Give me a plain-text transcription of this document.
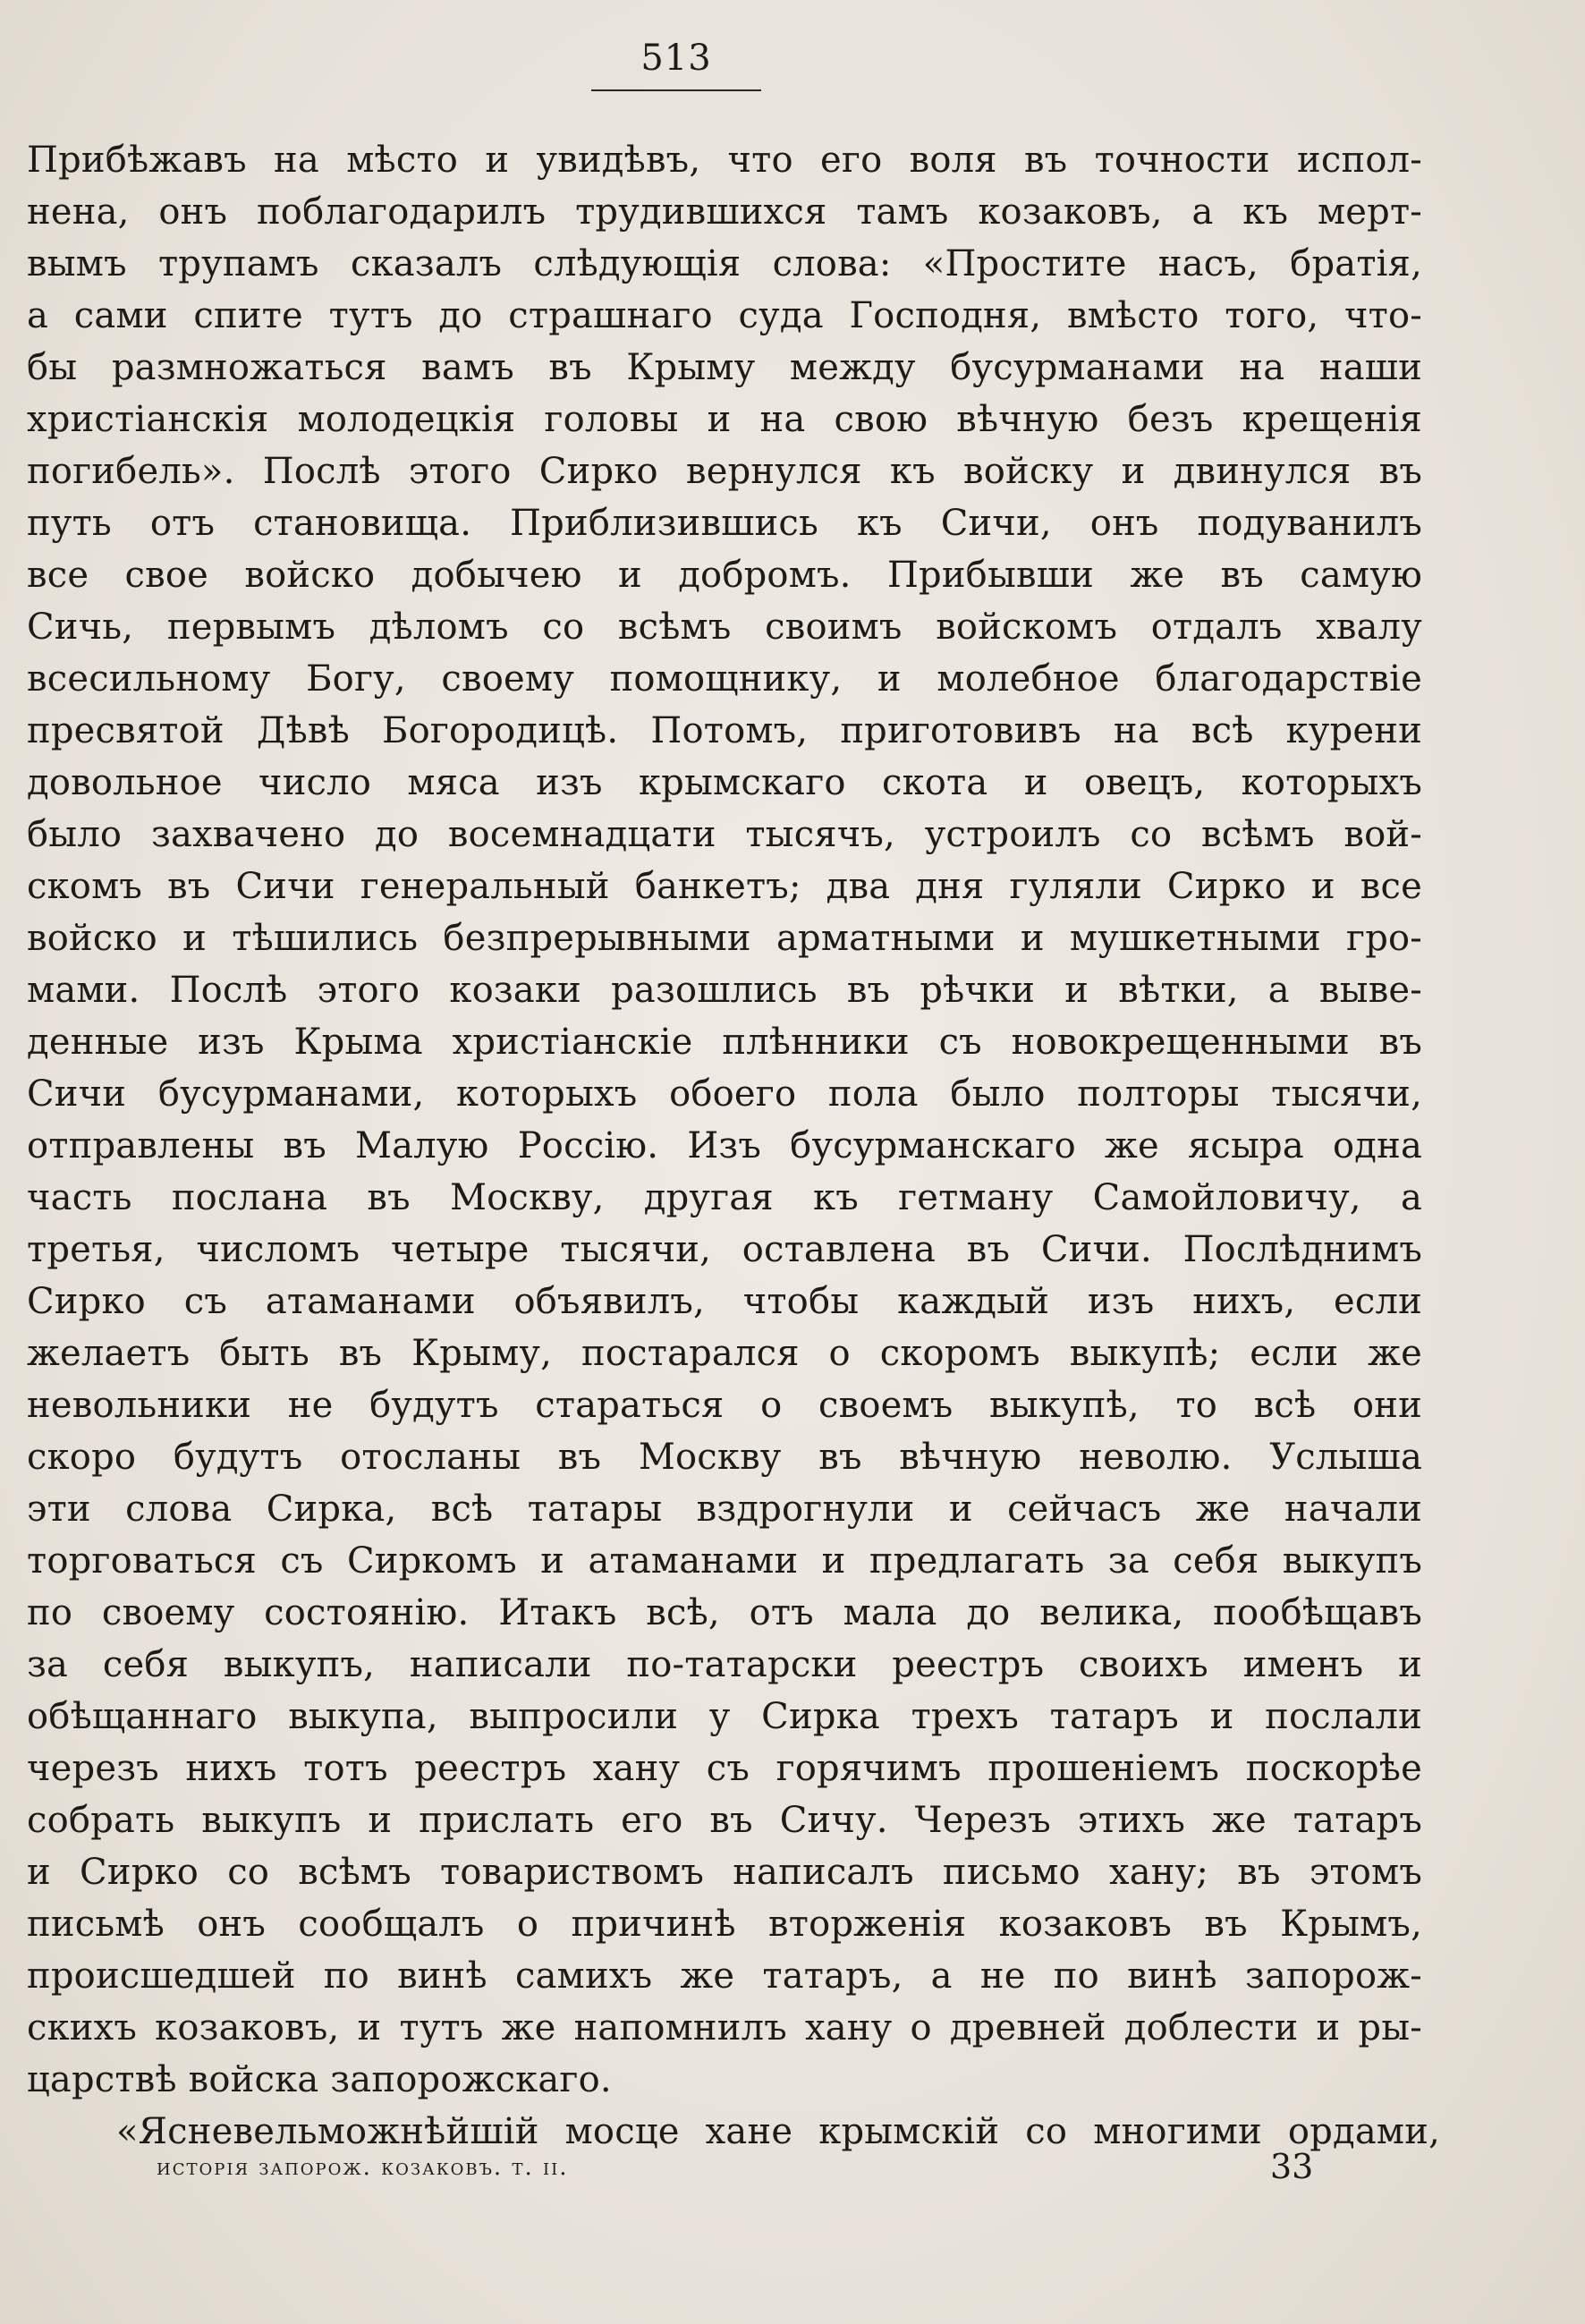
513
Прибѣжавъ на мѣсто и увидѣвъ, что его воля въ точности испол-
нена, онъ поблагодарилъ трудившихся тамъ козаковъ, а къ мерт-
вымъ трупамъ сказалъ слѣдующія слова: «Простите насъ, братія,
а сами спите тутъ до страшнаго суда Господня, вмѣсто того, что-
бы размножаться вамъ въ Крыму между бусурманами на наши
христіанскія молодецкія головы и на свою вѣчную безъ крещенія
погибель». Послѣ этого Сирко вернулся къ войску и двинулся въ
путь отъ становища. Приблизившись къ Сичи, онъ подуванилъ
все свое войско добычею и добромъ. Прибывши же въ самую
Сичь, первымъ дѣломъ со всѣмъ своимъ войскомъ отдалъ хвалу
всесильному Богу, своему помощнику, и молебное благодарствіе
пресвятой Дѣвѣ Богородицѣ. Потомъ, приготовивъ на всѣ курени
довольное число мяса изъ крымскаго скота и овецъ, которыхъ
было захвачено до восемнадцати тысячъ, устроилъ со всѣмъ вой-
скомъ въ Сичи генеральный банкетъ; два дня гуляли Сирко и все
войско и тѣшились безпрерывными арматными и мушкетными гро-
мами. Послѣ этого козаки разошлись въ рѣчки и вѣтки, а выве-
денные изъ Крыма христіанскіе плѣнники съ новокрещенными въ
Сичи бусурманами, которыхъ обоего пола было полторы тысячи,
отправлены въ Малую Россію. Изъ бусурманскаго же ясыра одна
часть послана въ Москву, другая къ гетману Самойловичу, а
третья, числомъ четыре тысячи, оставлена въ Сичи. Послѣднимъ
Сирко съ атаманами объявилъ, чтобы каждый изъ нихъ, если
желаетъ быть въ Крыму, постарался о скоромъ выкупѣ; если же
невольники не будутъ стараться о своемъ выкупѣ, то всѣ они
скоро будутъ отосланы въ Москву въ вѣчную неволю. Услыша
эти слова Сирка, всѣ татары вздрогнули и сейчасъ же начали
торговаться съ Сиркомъ и атаманами и предлагать за себя выкупъ
по своему состоянію. Итакъ всѣ, отъ мала до велика, пообѣщавъ
за себя выкупъ, написали по-татарски реестръ своихъ именъ и
обѣщаннаго выкупа, выпросили у Сирка трехъ татаръ и послали
черезъ нихъ тотъ реестръ хану съ горячимъ прошеніемъ поскорѣе
собрать выкупъ и прислать его въ Сичу. Черезъ этихъ же татаръ
и Сирко со всѣмъ товариствомъ написалъ письмо хану; въ этомъ
письмѣ онъ сообщалъ о причинѣ вторженія козаковъ въ Крымъ,
происшедшей по винѣ самихъ же татаръ, а не по винѣ запорож-
скихъ козаковъ, и тутъ же напомнилъ хану о древней доблести и ры-
царствѣ войска запорожскаго.
«Ясневельможнѣйшій мосце хане крымскій со многими ордами,
исторія запорож. козаковъ. т. ii.	33
